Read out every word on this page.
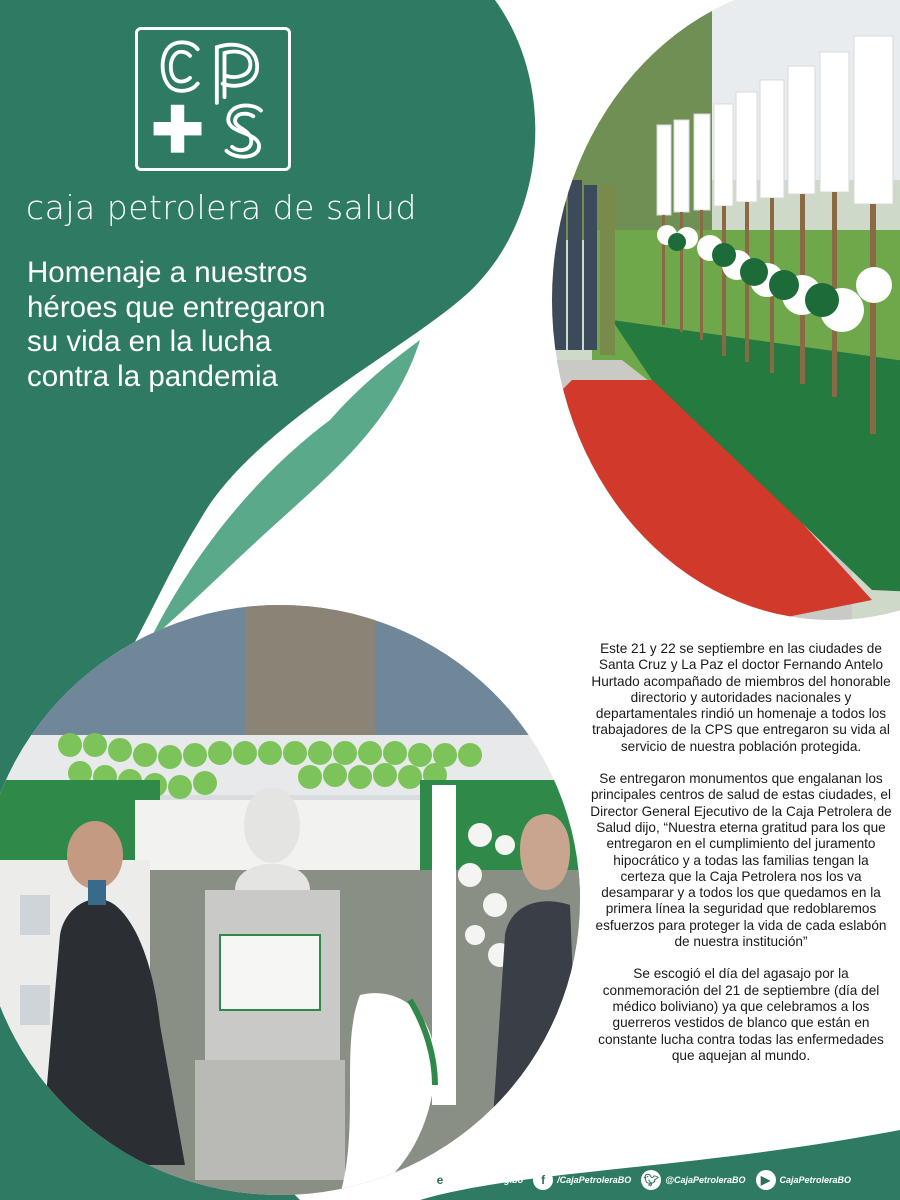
caja petrolera de salud
Homenaje a nuestros héroes que entregaron su vida en la lucha contra la pandemia

Este 21 y 22 se septiembre en las ciudades de Santa Cruz y La Paz el doctor Fernando Antelo Hurtado acompañado de miembros del honorable directorio y autoridades nacionales y departamentales rindió un homenaje a todos los trabajadores de la CPS que entregaron su vida al servicio de nuestra población protegida.

Se entregaron monumentos que engalanan los principales centros de salud de estas ciudades, el Director General Ejecutivo de la Caja Petrolera de Salud dijo, “Nuestra eterna gratitud para los que entregaron en el cumplimiento del juramento hipocrático y a todas las familias tengan la certeza que la Caja Petrolera nos los va desamparar y a todos los que quedamos en la primera línea la seguridad que redoblaremos esfuerzos para proteger la vida de cada eslabón de nuestra institución”

Se escogió el día del agasajo por la conmemoración del 21 de septiembre (día del médico boliviano) ya que celebramos a los guerreros vestidos de blanco que están en constante lucha contra todas las enfermedades que aquejan al mundo.

e	www.cps.org.bo	f	/CajaPetroleraBO 🐦︎ @CajaPetroleraBO	▶	CajaPetroleraBO
